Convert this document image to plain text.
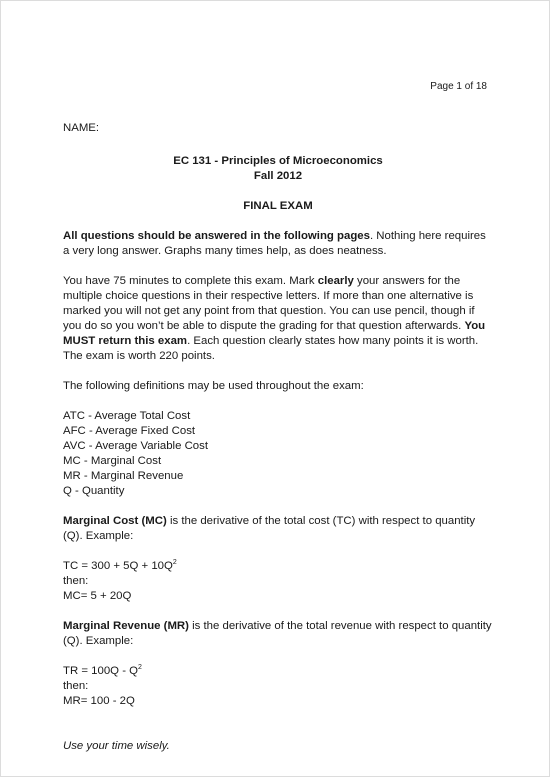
Page 1 of 18

NAME:

EC 131 - Principles of Microeconomics
Fall 2012
FINAL EXAM

All questions should be answered in the following pages. Nothing here requires a very long answer. Graphs many times help, as does neatness.

You have 75 minutes to complete this exam. Mark clearly your answers for the multiple choice questions in their respective letters. If more than one alternative is marked you will not get any point from that question. You can use pencil, though if you do so you won’t be able to dispute the grading for that question afterwards. You MUST return this exam. Each question clearly states how many points it is worth. The exam is worth 220 points.

The following definitions may be used throughout the exam:

ATC - Average Total Cost
AFC - Average Fixed Cost
AVC - Average Variable Cost
MC - Marginal Cost
MR - Marginal Revenue
Q - Quantity

Marginal Cost (MC) is the derivative of the total cost (TC) with respect to quantity (Q). Example:

TC = $300 + 5Q + 10Q^2$
then:
MC= 5 + 20Q

Marginal Revenue (MR) is the derivative of the total revenue with respect to quantity (Q). Example:

TR = $100Q - Q^2$
then:
MR= 100 - 2Q

Use your time wisely.
